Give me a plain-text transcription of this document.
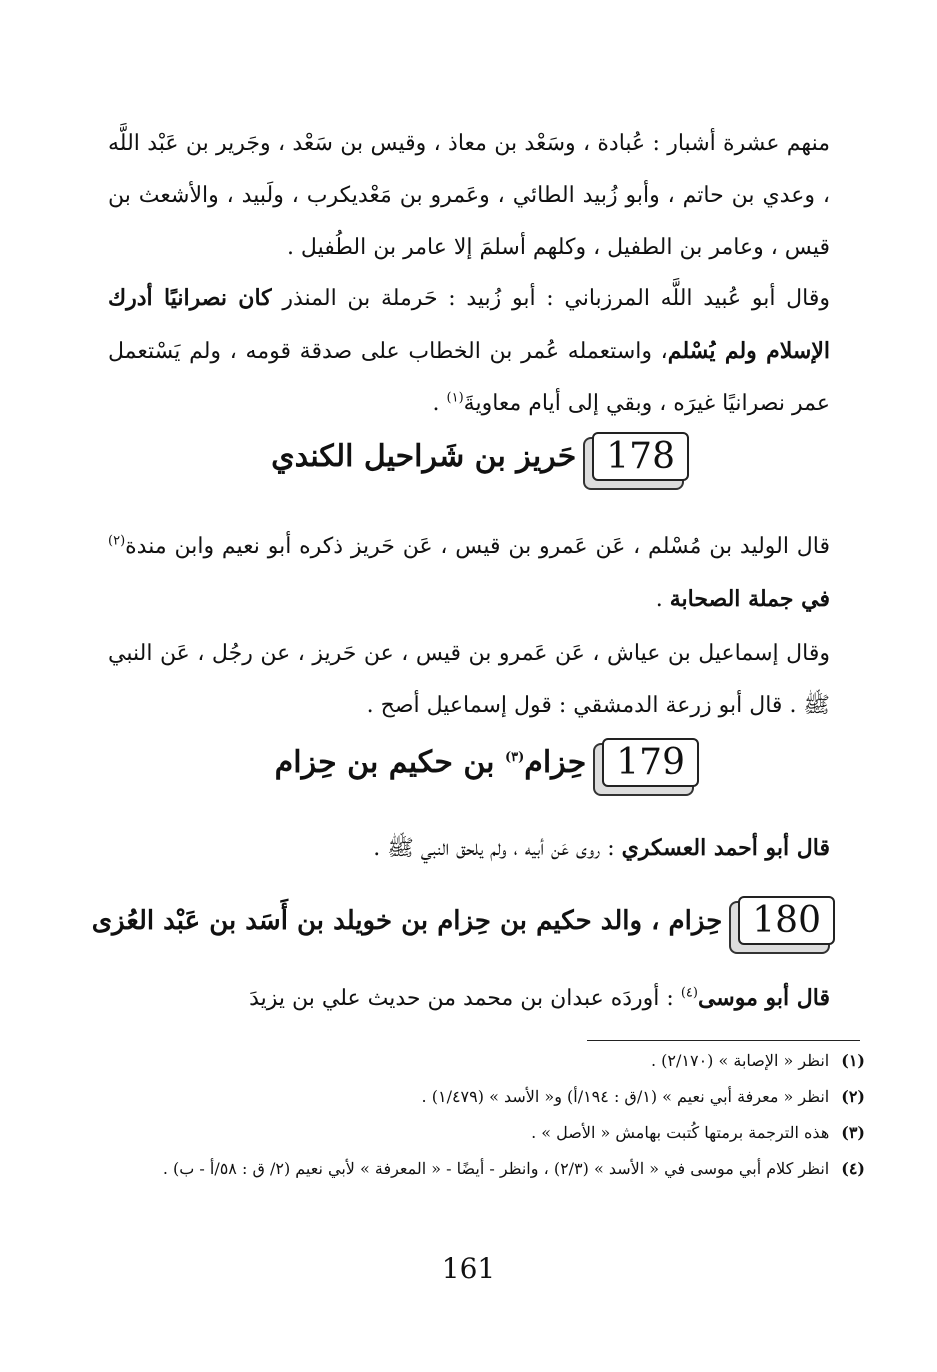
منهم عشرة أشبار : عُبادة ، وسَعْد بن معاذ ، وقيس بن سَعْد ، وجَرير بن عَبْد اللَّه ، وعدي بن حاتم ، وأبو زُبيد الطائي ، وعَمرو بن مَعْديكرب ، ولَبيد ، والأشعث بن قيس ، وعامر بن الطفيل ، وكلهم أسلمَ إلا عامر بن الطُفيل .
وقال أبو عُبيد اللَّه المرزباني : أبو زُبيد : حَرملة بن المنذر كان نصرانيًا أدرك الإسلام ولم يُسْلم، واستعمله عُمر بن الخطاب على صدقة قومه ، ولم يَسْتعمل عمر نصرانيًا غيرَه ، وبقي إلى أيام معاويةَ$^{(١)}$ .
178
حَريز بن شَراحيل الكندي
قال الوليد بن مُسْلم ، عَن عَمرو بن قيس ، عَن حَريز ذكره أبو نعيم وابن مندة$^{(٢)}$ في جملة الصحابة .
وقال إسماعيل بن عياش ، عَن عَمرو بن قيس ، عن حَريز ، عن رجُل ، عَن النبي ﷺ . قال أبو زرعة الدمشقي : قول إسماعيل أصح .
179
حِزام$^{(٣)}$ بن حكيم بن حِزام
قال أبو أحمد العسكري : روى عَن أبيه ، ولم يلحق النبي ﷺ .
180
حِزام ، والد حكيم بن حِزام بن خويلد بن أَسَد بن عَبْد العُزى
قال أبو موسى$^{(٤)}$ : أوردَه عبدان بن محمد من حديث علي بن يزيدَ
(١)انظر « الإصابة » (٢/١٧٠) .
(٢)انظر « معرفة أبي نعيم » (١/ق : ١٩٤/أ) و« الأسد » (١/٤٧٩) .
(٣)هذه الترجمة برمتها كُتبت بهامش « الأصل » .
(٤)انظر كلام أبي موسى في « الأسد » (٢/٣) ، وانظر - أيضًا - « المعرفة » لأبي نعيم (٢/ ق : ٥٨/أ - ب) .
161
